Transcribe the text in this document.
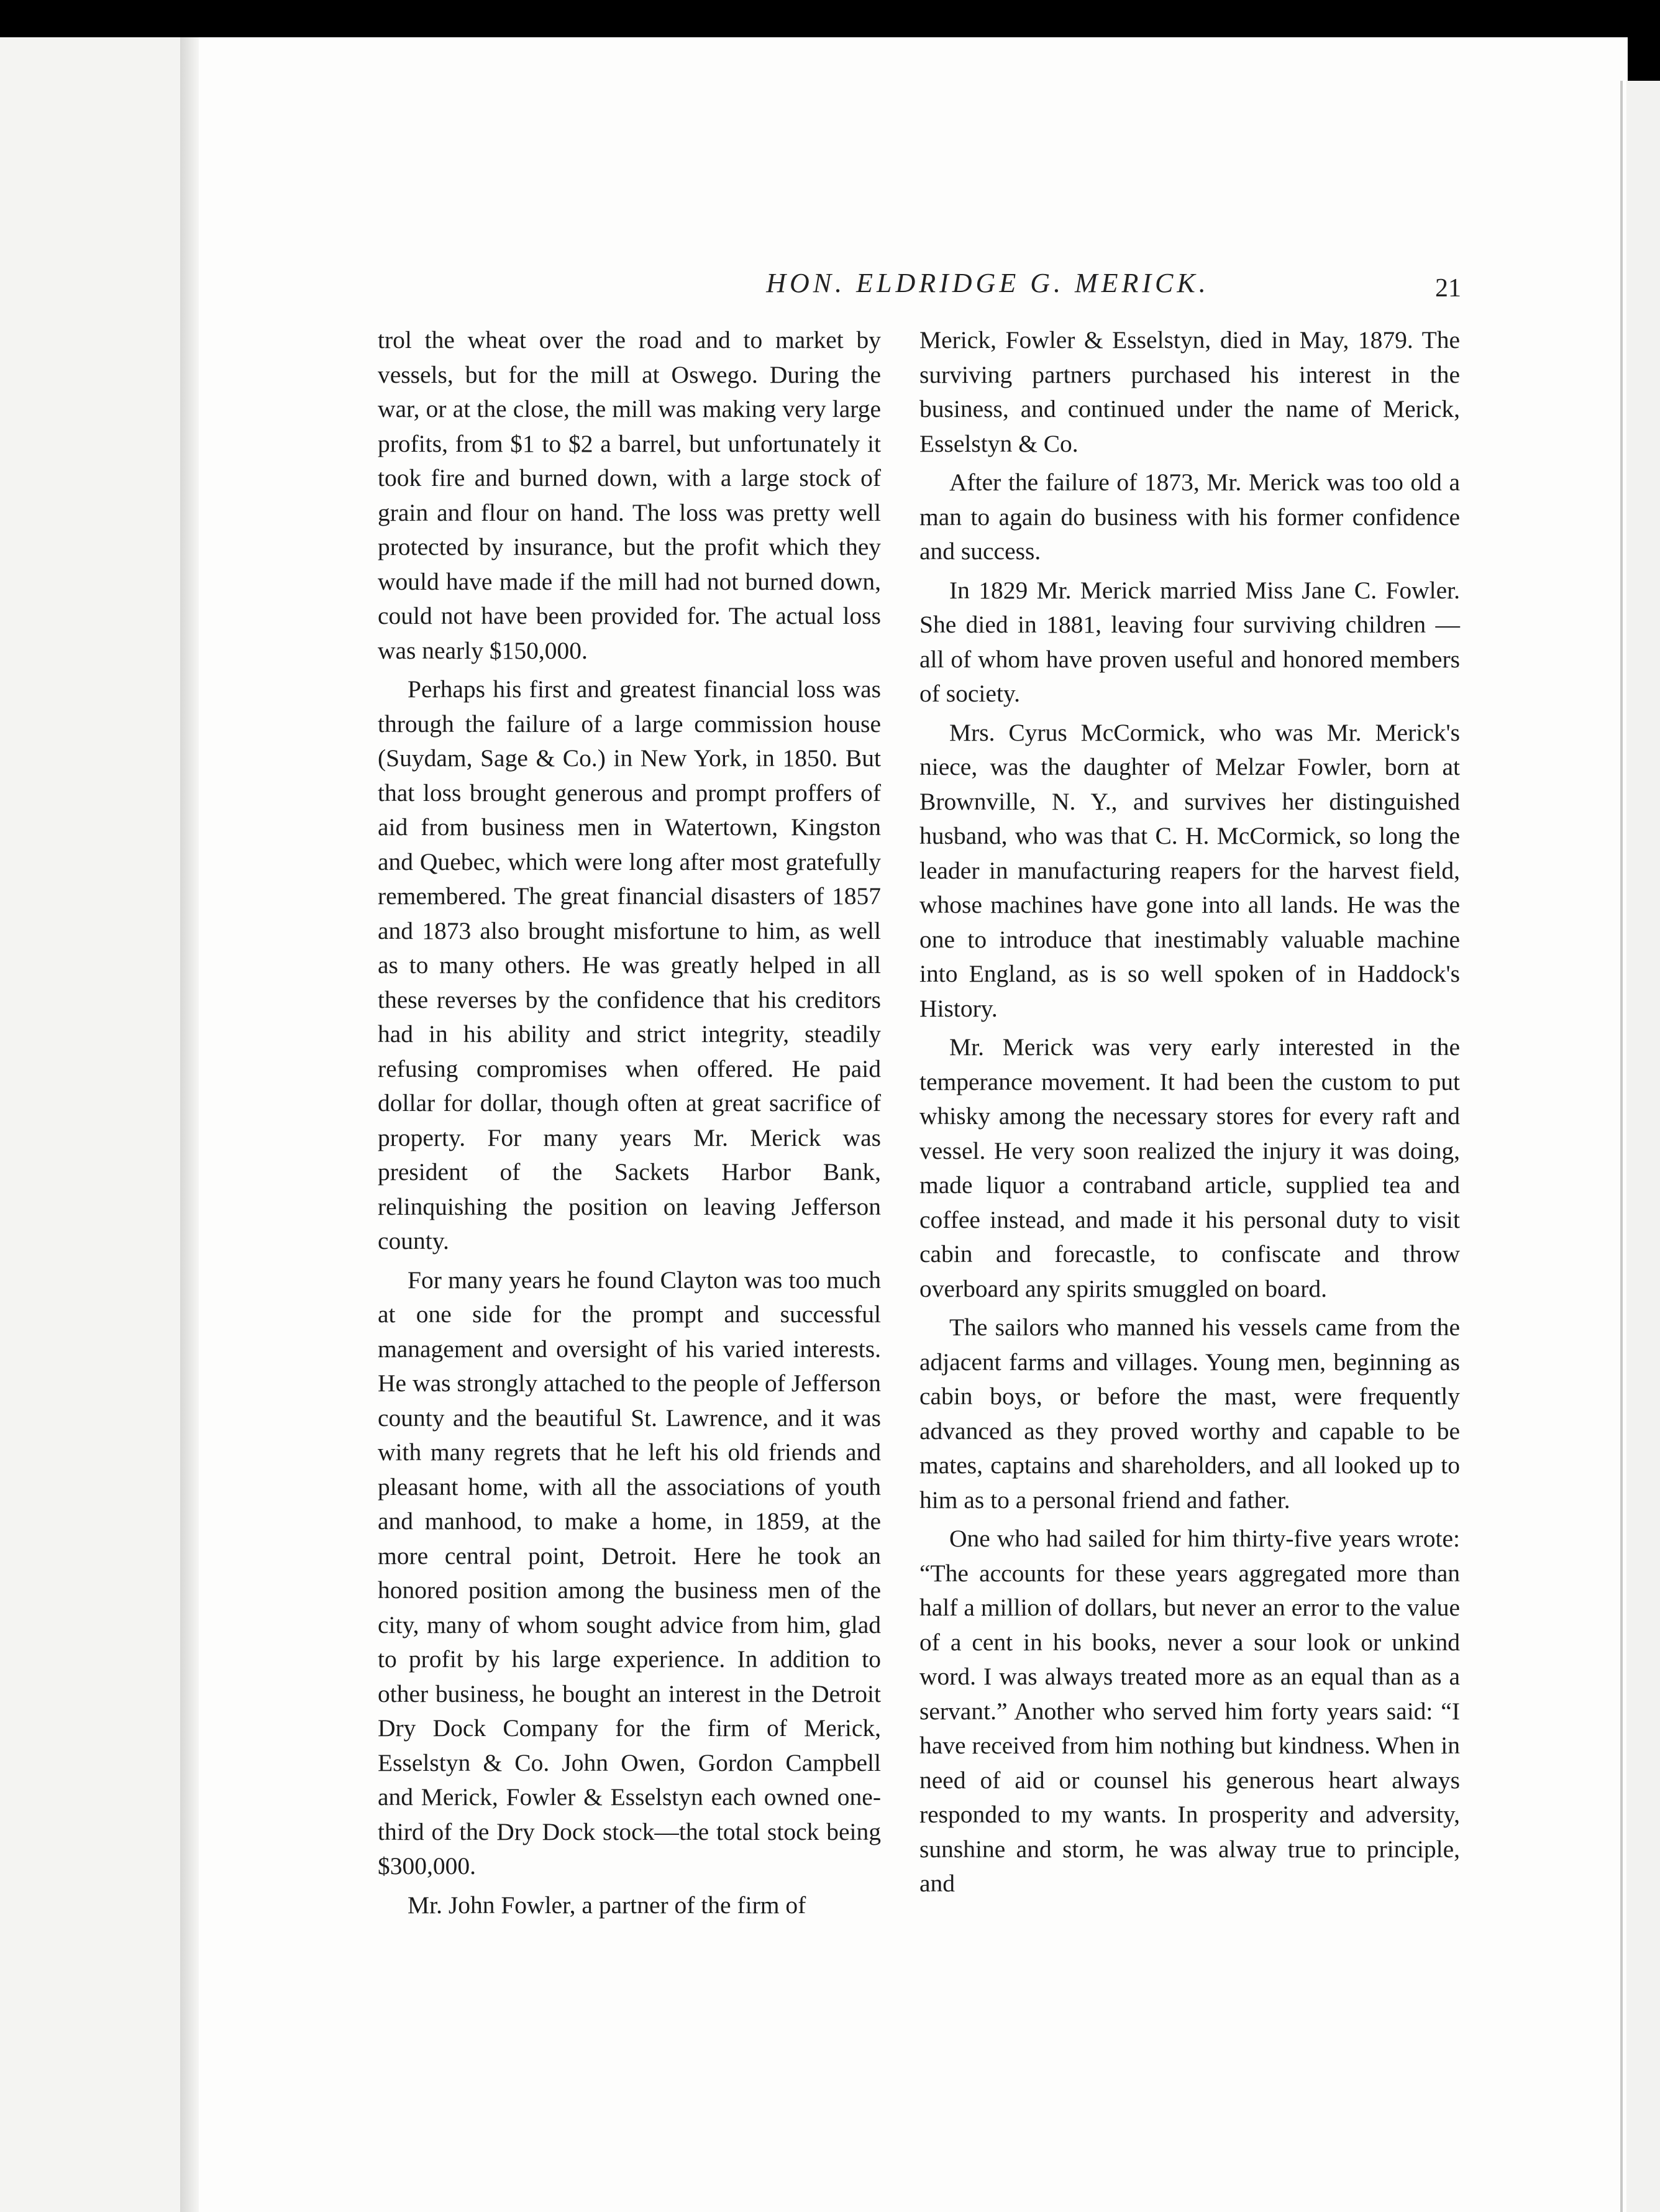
HON. ELDRIDGE G. MERICK.	21

trol the wheat over the road and to market by vessels, but for the mill at Oswego. During the war, or at the close, the mill was making very large profits, from $1 to $2 a barrel, but unfortunately it took fire and burned down, with a large stock of grain and flour on hand. The loss was pretty well protected by insurance, but the profit which they would have made if the mill had not burned down, could not have been provided for. The actual loss was nearly $150,000.

Perhaps his first and greatest financial loss was through the failure of a large commission house (Suydam, Sage & Co.) in New York, in 1850. But that loss brought generous and prompt proffers of aid from business men in Watertown, Kingston and Quebec, which were long after most gratefully remembered. The great financial disasters of 1857 and 1873 also brought misfortune to him, as well as to many others. He was greatly helped in all these reverses by the confidence that his creditors had in his ability and strict integrity, steadily refusing compromises when offered. He paid dollar for dollar, though often at great sacrifice of property. For many years Mr. Merick was president of the Sackets Harbor Bank, relinquishing the position on leaving Jefferson county.

For many years he found Clayton was too much at one side for the prompt and successful management and oversight of his varied interests. He was strongly attached to the people of Jefferson county and the beautiful St. Lawrence, and it was with many regrets that he left his old friends and pleasant home, with all the associations of youth and manhood, to make a home, in 1859, at the more central point, Detroit. Here he took an honored position among the business men of the city, many of whom sought advice from him, glad to profit by his large experience. In addition to other business, he bought an interest in the Detroit Dry Dock Company for the firm of Merick, Esselstyn & Co. John Owen, Gordon Campbell and Merick, Fowler & Esselstyn each owned one-third of the Dry Dock stock—the total stock being $300,000.

Mr. John Fowler, a partner of the firm of

Merick, Fowler & Esselstyn, died in May, 1879. The surviving partners purchased his interest in the business, and continued under the name of Merick, Esselstyn & Co.

After the failure of 1873, Mr. Merick was too old a man to again do business with his former confidence and success.

In 1829 Mr. Merick married Miss Jane C. Fowler. She died in 1881, leaving four surviving children — all of whom have proven useful and honored members of society.

Mrs. Cyrus McCormick, who was Mr. Merick's niece, was the daughter of Melzar Fowler, born at Brownville, N. Y., and survives her distinguished husband, who was that C. H. McCormick, so long the leader in manufacturing reapers for the harvest field, whose machines have gone into all lands. He was the one to introduce that inestimably valuable machine into England, as is so well spoken of in Haddock's History.

Mr. Merick was very early interested in the temperance movement. It had been the custom to put whisky among the necessary stores for every raft and vessel. He very soon realized the injury it was doing, made liquor a contraband article, supplied tea and coffee instead, and made it his personal duty to visit cabin and forecastle, to confiscate and throw overboard any spirits smuggled on board.

The sailors who manned his vessels came from the adjacent farms and villages. Young men, beginning as cabin boys, or before the mast, were frequently advanced as they proved worthy and capable to be mates, captains and shareholders, and all looked up to him as to a personal friend and father.

One who had sailed for him thirty-five years wrote: “The accounts for these years aggregated more than half a million of dollars, but never an error to the value of a cent in his books, never a sour look or unkind word. I was always treated more as an equal than as a servant.” Another who served him forty years said: “I have received from him nothing but kindness. When in need of aid or counsel his generous heart always responded to my wants. In prosperity and adversity, sunshine and storm, he was alway true to principle, and
